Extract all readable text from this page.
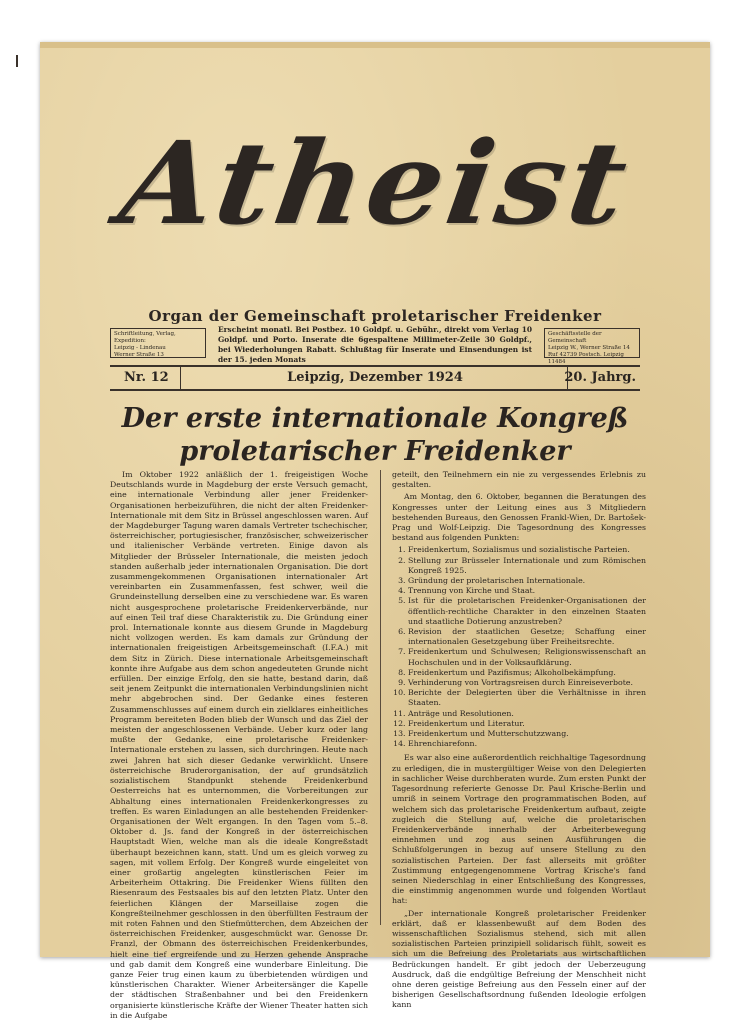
Atheist
Organ der Gemeinschaft proletarischer Freidenker
Schriftleitung, Verlag, Expedition:
Leipzig - Lindenau
Werner Straße 13
Erscheint monatl. Bei Postbez. 10 Goldpf. u. Gebühr., direkt vom Verlag 10 Goldpf. und Porto. Inserate die 6gespaltene Millimeter-Zeile 30 Goldpf., bei Wiederholungen Rabatt. Schlußtag für Inserate und Einsendungen ist der 15. jeden Monats
Geschäftsstelle der Gemeinschaft
Leipzig W., Werner Straße 14
Ruf 42739 Postsch. Leipzig 11484
Nr. 12	Leipzig, Dezember 1924	20. Jahrg.
Der erste internationale Kongreß
proletarischer Freidenker

Im Oktober 1922 anläßlich der 1. freigeistigen Woche Deutschlands wurde in Magdeburg der erste Versuch gemacht, eine internationale Verbindung aller jener Freidenker-Organisationen herbeizuführen, die nicht der alten Freidenker-Internationale mit dem Sitz in Brüssel angeschlossen waren. Auf der Magdeburger Tagung waren damals Vertreter tschechischer, österreichischer, portugiesischer, französischer, schweizerischer und italienischer Verbände vertreten. Einige davon als Mitglieder der Brüsseler Internationale, die meisten jedoch standen außerhalb jeder internationalen Organisation. Die dort zusammengekommenen Organisationen internationaler Art vereinbarten ein Zusammenfassen, fest schwer, weil die Grundeinstellung derselben eine zu verschiedene war. Es waren nicht ausgesprochene proletarische Freidenkerverbände, nur auf einen Teil traf diese Charakteristik zu. Die Gründung einer prol. Internationale konnte aus diesem Grunde in Magdeburg nicht vollzogen werden. Es kam damals zur Gründung der internationalen freigeistigen Arbeitsgemeinschaft (I.F.A.) mit dem Sitz in Zürich. Diese internationale Arbeitsgemeinschaft konnte ihre Aufgabe aus dem schon angedeuteten Grunde nicht erfüllen. Der einzige Erfolg, den sie hatte, bestand darin, daß seit jenem Zeitpunkt die internationalen Verbindungslinien nicht mehr abgebrochen sind. Der Gedanke eines festeren Zusammenschlusses auf einem durch ein zielklares einheitliches Programm bereiteten Boden blieb der Wunsch und das Ziel der meisten der angeschlossenen Verbände. Ueber kurz oder lang mußte der Gedanke, eine proletarische Freidenker-Internationale erstehen zu lassen, sich durchringen. Heute nach zwei Jahren hat sich dieser Gedanke verwirklicht. Unsere österreichische Bruderorganisation, der auf grundsätzlich sozialistischem Standpunkt stehende Freidenkerbund Oesterreichs hat es unternommen, die Vorbereitungen zur Abhaltung eines internationalen Freidenkerkongresses zu treffen. Es waren Einladungen an alle bestehenden Freidenker-Organisationen der Welt ergangen. In den Tagen vom 5.–8. Oktober d. Js. fand der Kongreß in der österreichischen Hauptstadt Wien, welche man als die ideale Kongreßstadt überhaupt bezeichnen kann, statt. Und um es gleich vorweg zu sagen, mit vollem Erfolg. Der Kongreß wurde eingeleitet von einer großartig angelegten künstlerischen Feier im Arbeiterheim Ottakring. Die Freidenker Wiens füllten den Riesenraum des Festsaales bis auf den letzten Platz. Unter den feierlichen Klängen der Marseillaise zogen die Kongreßteilnehmer geschlossen in den überfüllten Festraum der mit roten Fahnen und den Stiefmütterchen, dem Abzeichen der österreichischen Freidenker, ausgeschmückt war. Genosse Dr. Franzl, der Obmann des österreichischen Freidenkerbundes, hielt eine tief ergreifende und zu Herzen gehende Ansprache und gab damit dem Kongreß eine wunderbare Einleitung. Die ganze Feier trug einen kaum zu überbietenden würdigen und künstlerischen Charakter. Wiener Arbeitersänger die Kapelle der städtischen Straßenbahner und bei den Freidenkern organisierte künstlerische Kräfte der Wiener Theater hatten sich in die Aufgabe

geteilt, den Teilnehmern ein nie zu vergessendes Erlebnis zu gestalten.

Am Montag, den 6. Oktober, begannen die Beratungen des Kongresses unter der Leitung eines aus 3 Mitgliedern bestehenden Bureaus, den Genossen Frankl-Wien, Dr. Bartošek-Prag und Wolf-Leipzig. Die Tagesordnung des Kongresses bestand aus folgenden Punkten:

1. Freidenkertum, Sozialismus und sozialistische Parteien.
2. Stellung zur Brüsseler Internationale und zum Römischen Kongreß 1925.
3. Gründung der proletarischen Internationale.
4. Trennung von Kirche und Staat.
5. Ist für die proletarischen Freidenker-Organisationen der öffentlich-rechtliche Charakter in den einzelnen Staaten und staatliche Dotierung anzustreben?
6. Revision der staatlichen Gesetze; Schaffung einer internationalen Gesetzgebung über Freiheitsrechte.
7. Freidenkertum und Schulwesen; Religionswissenschaft an Hochschulen und in der Volksaufklärung.
8. Freidenkertum und Pazifismus; Alkoholbekämpfung.
9. Verhinderung von Vortragsreisen durch Einreiseverbote.
10. Berichte der Delegierten über die Verhältnisse in ihren Staaten.
11. Anträge und Resolutionen.
12. Freidenkertum und Literatur.
13. Freidenkertum und Mutterschutzzwang.
14. Ehrenchiarefonn.

Es war also eine außerordentlich reichhaltige Tagesordnung zu erledigen, die in mustergültiger Weise von den Delegierten in sachlicher Weise durchberaten wurde. Zum ersten Punkt der Tagesordnung referierte Genosse Dr. Paul Krische-Berlin und umriß in seinem Vortrage den programmatischen Boden, auf welchem sich das proletarische Freidenkertum aufbaut, zeigte zugleich die Stellung auf, welche die proletarischen Freidenkerverbände innerhalb der Arbeiterbewegung einnehmen und zog aus seinen Ausführungen die Schlußfolgerungen in bezug auf unsere Stellung zu den sozialistischen Parteien. Der fast allerseits mit größter Zustimmung entgegengenommene Vortrag Krische's fand seinen Niederschlag in einer Entschließung des Kongresses, die einstimmig angenommen wurde und folgenden Wortlaut hat:

„Der internationale Kongreß proletarischer Freidenker erklärt, daß er klassenbewußt auf dem Boden des wissenschaftlichen Sozialismus stehend, sich mit allen sozialistischen Parteien prinzipiell solidarisch fühlt, soweit es sich um die Befreiung des Proletariats aus wirtschaftlichen Bedrückungen handelt. Er gibt jedoch der Ueberzeugung Ausdruck, daß die endgültige Befreiung der Menschheit nicht ohne deren geistige Befreiung aus den Fesseln einer auf der bisherigen Gesellschaftsordnung fußenden Ideologie erfolgen kann
